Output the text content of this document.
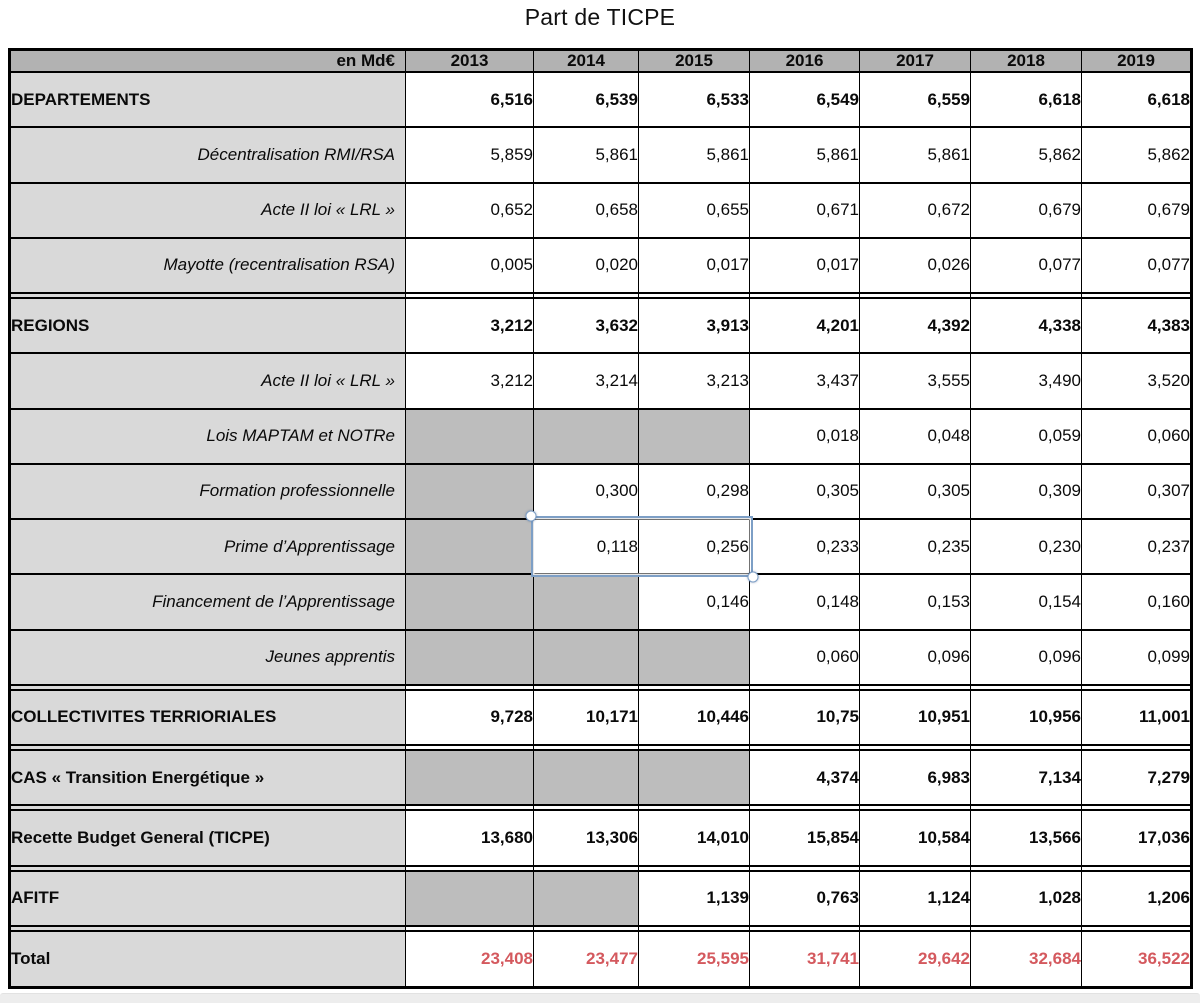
Part de TICPE
en Md€	2013	2014	2015	2016	2017	2018	2019
DEPARTEMENTS	6,516	6,539	6,533	6,549	6,559	6,618	6,618
Décentralisation RMI/RSA	5,859	5,861	5,861	5,861	5,861	5,862	5,862
Acte II loi « LRL »	0,652	0,658	0,655	0,671	0,672	0,679	0,679
Mayotte (recentralisation RSA)	0,005	0,020	0,017	0,017	0,026	0,077	0,077

REGIONS	3,212	3,632	3,913	4,201	4,392	4,338	4,383
Acte II loi « LRL »	3,212	3,214	3,213	3,437	3,555	3,490	3,520
Lois MAPTAM et NOTRe				0,018	0,048	0,059	0,060
Formation professionnelle		0,300	0,298	0,305	0,305	0,309	0,307
Prime d’Apprentissage		0,118	0,256	0,233	0,235	0,230	0,237
Financement de l’Apprentissage			0,146	0,148	0,153	0,154	0,160
Jeunes apprentis				0,060	0,096	0,096	0,099

COLLECTIVITES TERRIORIALES	9,728	10,171	10,446	10,75	10,951	10,956	11,001

CAS « Transition Energétique »				4,374	6,983	7,134	7,279

Recette Budget General (TICPE)	13,680	13,306	14,010	15,854	10,584	13,566	17,036

AFITF			1,139	0,763	1,124	1,028	1,206

Total	23,408	23,477	25,595	31,741	29,642	32,684	36,522
